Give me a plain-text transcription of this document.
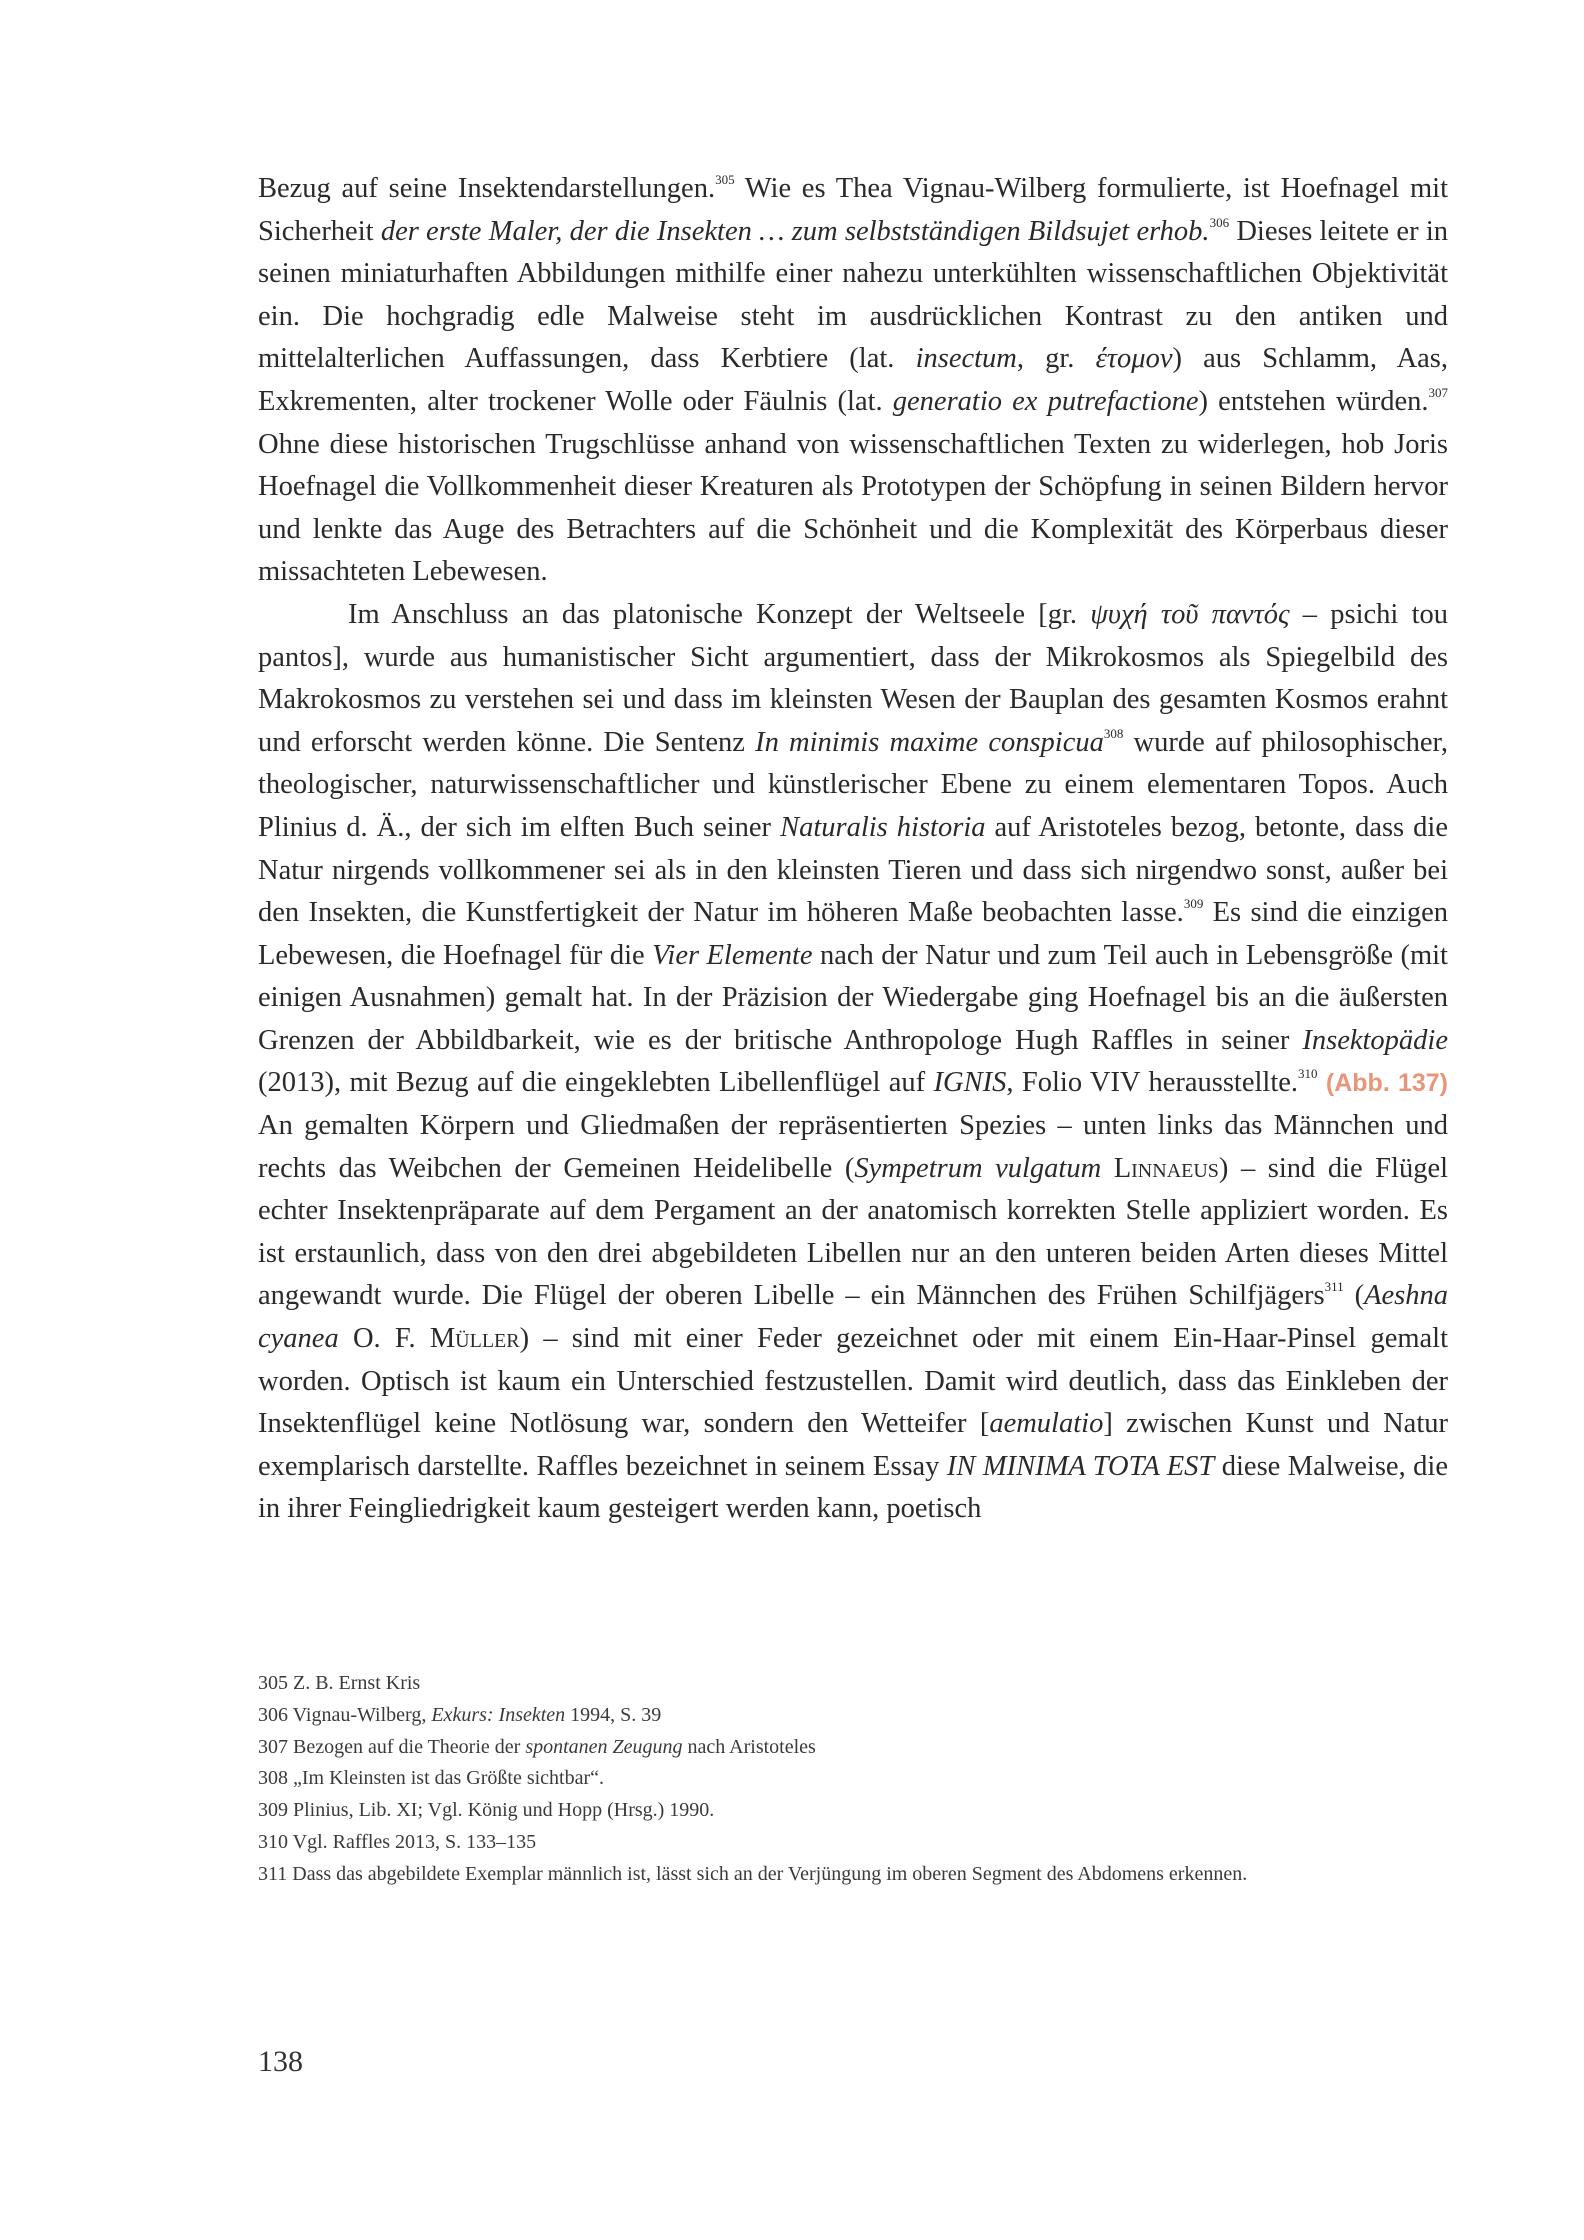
Bezug auf seine Insektendarstellungen.$^{305}$ Wie es Thea Vignau-Wilberg formulierte, ist Hoefnagel mit Sicherheit der erste Maler, der die Insekten … zum selbstständigen Bildsujet erhob.$^{306}$ Dieses leitete er in seinen miniaturhaften Abbildungen mithilfe einer nahezu unterkühlten wissenschaftlichen Objektivität ein. Die hochgradig edle Malweise steht im ausdrücklichen Kontrast zu den antiken und mittelalterlichen Auffassungen, dass Kerbtiere (lat. insectum, gr. έτομον) aus Schlamm, Aas, Exkrementen, alter trockener Wolle oder Fäulnis (lat. generatio ex putrefactione) entstehen würden.$^{307}$ Ohne diese historischen Trugschlüsse anhand von wissenschaftlichen Texten zu widerlegen, hob Joris Hoefnagel die Vollkommenheit dieser Kreaturen als Prototypen der Schöpfung in seinen Bildern hervor und lenkte das Auge des Betrachters auf die Schönheit und die Komplexität des Körperbaus dieser missachteten Lebewesen.

Im Anschluss an das platonische Konzept der Weltseele [gr. ψυχή τοῦ παντός – psichi tou pantos], wurde aus humanistischer Sicht argumentiert, dass der Mikrokosmos als Spiegelbild des Makrokosmos zu verstehen sei und dass im kleinsten Wesen der Bauplan des gesamten Kosmos erahnt und erforscht werden könne. Die Sentenz In minimis maxime conspicua$^{308}$ wurde auf philosophischer, theologischer, naturwissenschaftlicher und künstlerischer Ebene zu einem elementaren Topos. Auch Plinius d. Ä., der sich im elften Buch seiner Naturalis historia auf Aristoteles bezog, betonte, dass die Natur nirgends vollkommener sei als in den kleinsten Tieren und dass sich nirgendwo sonst, außer bei den Insekten, die Kunstfertigkeit der Natur im höheren Maße beobachten lasse.$^{309}$ Es sind die einzigen Lebewesen, die Hoefnagel für die Vier Elemente nach der Natur und zum Teil auch in Lebensgröße (mit einigen Ausnahmen) gemalt hat. In der Präzision der Wiedergabe ging Hoefnagel bis an die äußersten Grenzen der Abbildbarkeit, wie es der britische Anthropologe Hugh Raffles in seiner Insektopädie (2013), mit Bezug auf die eingeklebten Libellenflügel auf IGNIS, Folio VIV herausstellte.$^{310}$ (Abb. 137) An gemalten Körpern und Gliedmaßen der repräsentierten Spezies – unten links das Männchen und rechts das Weibchen der Gemeinen Heidelibelle (Sympetrum vulgatum Linnaeus) – sind die Flügel echter Insektenpräparate auf dem Pergament an der anatomisch korrekten Stelle appliziert worden. Es ist erstaunlich, dass von den drei abgebildeten Libellen nur an den unteren beiden Arten dieses Mittel angewandt wurde. Die Flügel der oberen Libelle – ein Männchen des Frühen Schilfjägers$^{311}$ (Aeshna cyanea O. F. Müller) – sind mit einer Feder gezeichnet oder mit einem Ein-Haar-Pinsel gemalt worden. Optisch ist kaum ein Unterschied festzustellen. Damit wird deutlich, dass das Einkleben der Insektenflügel keine Notlösung war, sondern den Wetteifer [aemulatio] zwischen Kunst und Natur exemplarisch darstellte. Raffles bezeichnet in seinem Essay IN MINIMA TOTA EST diese Malweise, die in ihrer Feingliedrigkeit kaum gesteigert werden kann, poetisch

305 Z. B. Ernst Kris
306 Vignau-Wilberg, Exkurs: Insekten 1994, S. 39
307 Bezogen auf die Theorie der spontanen Zeugung nach Aristoteles
308 „Im Kleinsten ist das Größte sichtbar“.
309 Plinius, Lib. XI; Vgl. König und Hopp (Hrsg.) 1990.
310 Vgl. Raffles 2013, S. 133–135
311 Dass das abgebildete Exemplar männlich ist, lässt sich an der Verjüngung im oberen Segment des Abdomens erkennen.
138
